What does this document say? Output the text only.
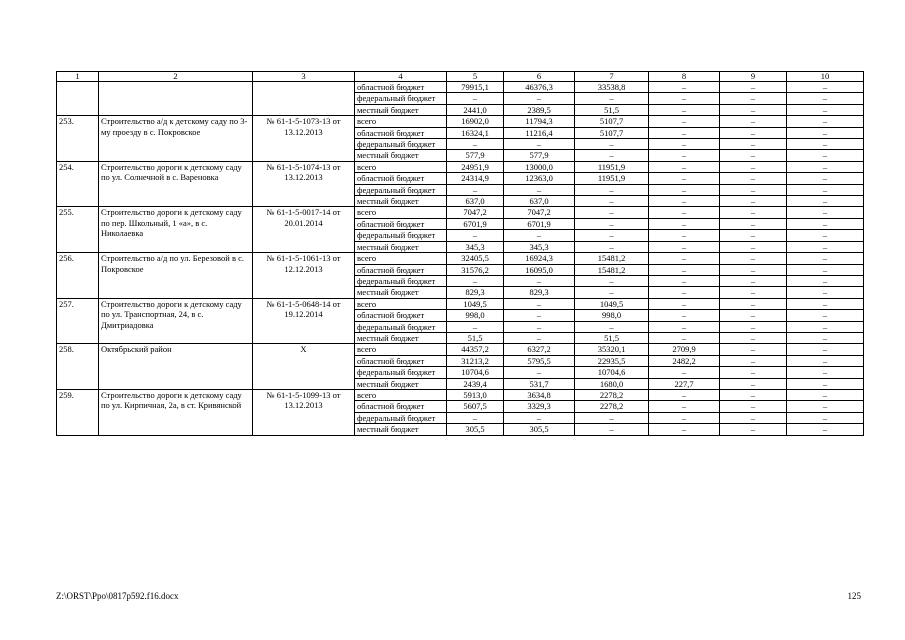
1	2	3	4	5	6	7	8	9	10
			областной бюджет	79915,1	46376,3	33538,8	–	–	–
			федеральный бюджет	–	–	–	–	–	–
			местный бюджет	2441,0	2389,5	51,5	–	–	–
253.	Строительство а/д к детскому саду по 3-му проезду в с. Покровское	№ 61-1-5-1073-13 от 13.12.2013	всего	16902,0	11794,3	5107,7	–	–	–
			областной бюджет	16324,1	11216,4	5107,7	–	–	–
			федеральный бюджет	–	–	–	–	–	–
			местный бюджет	577,9	577,9	–	–	–	–
254.	Строительство дороги к детскому саду по ул. Солнечной в с. Вареновка	№ 61-1-5-1074-13 от 13.12.2013	всего	24951,9	13000,0	11951,9	–	–	–
			областной бюджет	24314,9	12363,0	11951,9	–	–	–
			федеральный бюджет	–	–	–	–	–	–
			местный бюджет	637,0	637,0	–	–	–	–
255.	Строительство дороги к детскому саду по пер. Школьный, 1 «а», в с. Николаевка	№ 61-1-5-0017-14 от 20.01.2014	всего	7047,2	7047,2	–	–	–	–
			областной бюджет	6701,9	6701,9	–	–	–	–
			федеральный бюджет	–	–	–	–	–	–
			местный бюджет	345,3	345,3	–	–	–	–
256.	Строительство а/д по ул. Березовой в с. Покровское	№ 61-1-5-1061-13 от 12.12.2013	всего	32405,5	16924,3	15481,2	–	–	–
			областной бюджет	31576,2	16095,0	15481,2	–	–	–
			федеральный бюджет	–	–	–	–	–	–
			местный бюджет	829,3	829,3	–	–	–	–
257.	Строительство дороги к детскому саду по ул. Транспортная, 24, в с. Дмитриадовка	№ 61-1-5-0648-14 от 19.12.2014	всего	1049,5	–	1049,5	–	–	–
			областной бюджет	998,0	–	998,0	–	–	–
			федеральный бюджет	–	–	–	–	–	–
			местный бюджет	51,5	–	51,5	–	–	–
258.	Октябрьский район	Х	всего	44357,2	6327,2	35320,1	2709,9	–	–
			областной бюджет	31213,2	5795,5	22935,5	2482,2	–	–
			федеральный бюджет	10704,6	–	10704,6	–	–	–
			местный бюджет	2439,4	531,7	1680,0	227,7	–	–
259.	Строительство дороги к детскому саду по ул. Кирпичная, 2а, в ст. Кривянской	№ 61-1-5-1099-13 от 13.12.2013	всего	5913,0	3634,8	2278,2	–	–	–
			областной бюджет	5607,5	3329,3	2278,2	–	–	–
			федеральный бюджет	–	–	–	–	–	–
			местный бюджет	305,5	305,5	–	–	–	–
Z:\ORST\Ppo\0817p592.f16.docx	125
